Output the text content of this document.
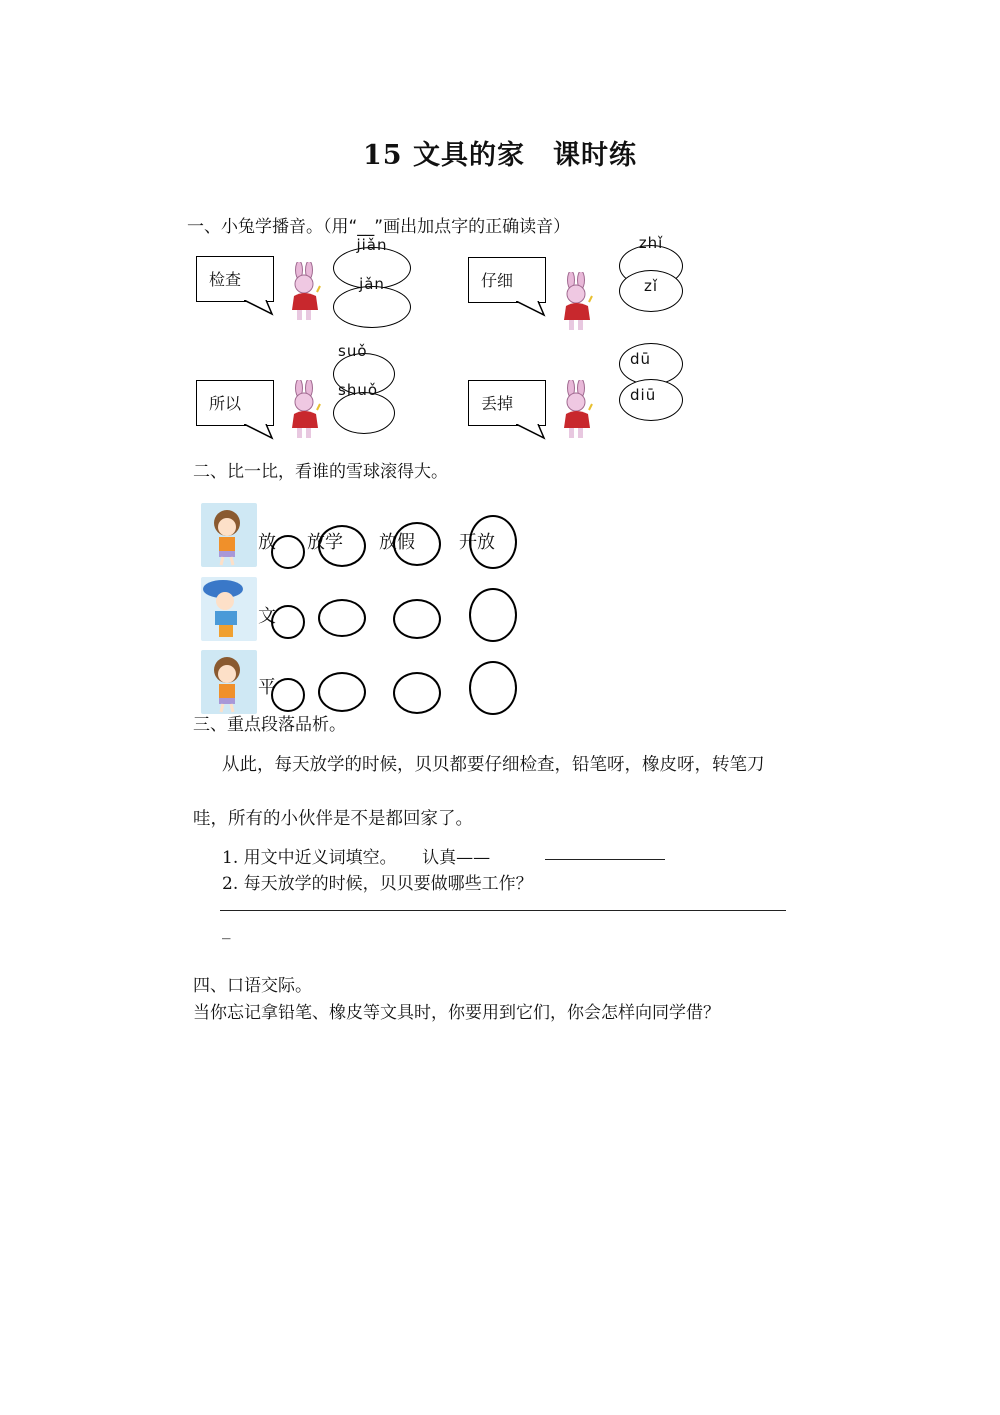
15 文具的家　课时练
一、小兔学播音。（用“__”画出加点字的正确读音）
检查
jiǎn
jǎn	仔细
zhǐ
zǐ
所以
suǒ
shuǒ
丢掉
dū
diū
二、比一比，看谁的雪球滚得大。
放 放学 放假 开放
文
平
三、重点段落品析。
从此，每天放学的时候，贝贝都要仔细检查，铅笔呀，橡皮呀，转笔刀
哇，所有的小伙伴是不是都回家了。
1. 用文中近义词填空。　　认真——
2. 每天放学的时候，贝贝要做哪些工作？
_
四、口语交际。
当你忘记拿铅笔、橡皮等文具时，你要用到它们，你会怎样向同学借？
